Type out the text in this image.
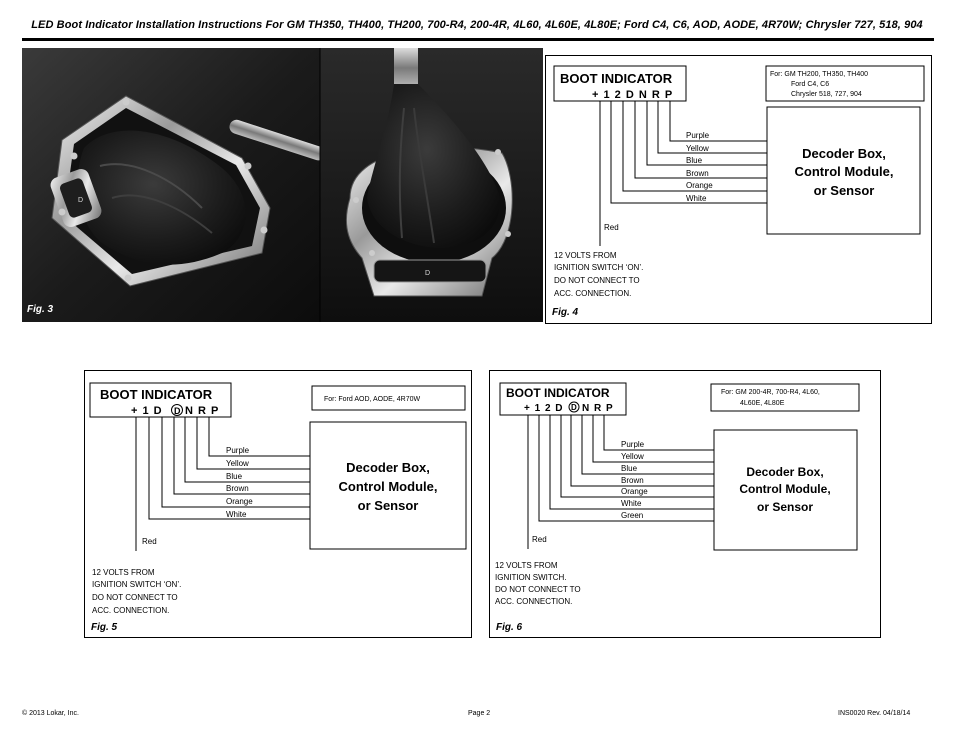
LED Boot Indicator Installation Instructions For GM TH350, TH400, TH200, 700-R4, 200-4R, 4L60, 4L60E, 4L80E; Ford C4, C6, AOD, AODE, 4R70W; Chrysler 727, 518, 904
D
D
Fig. 3
BOOT INDICATOR
+ 1 2 D N R P
For: GM TH200, TH350, TH400
Ford C4, C6
Chrysler 518, 727, 904
Decoder Box,
Control Module,
or Sensor
Purple
Yellow
Blue
Brown
Orange
White
Red
12 VOLTS FROM
IGNITION SWITCH ‘ON’.
DO NOT CONNECT TO
ACC. CONNECTION.
Fig. 4
BOOT INDICATOR
+ 1 D D N R P
For: Ford AOD, AODE, 4R70W
Decoder Box,
Control Module,
or Sensor
Purple
Yellow
Blue
Brown
Orange
White
Red
12 VOLTS FROM
IGNITION SWITCH ‘ON’.
DO NOT CONNECT TO
ACC. CONNECTION.
Fig. 5
BOOT INDICATOR
+ 1 2 D D N R P
For: GM 200-4R, 700-R4, 4L60,
4L60E, 4L80E
Decoder Box,
Control Module,
or Sensor
Purple
Yellow
Blue
Brown
Orange
White
Green
Red
12 VOLTS FROM
IGNITION SWITCH.
DO NOT CONNECT TO
ACC. CONNECTION.
Fig. 6
© 2013 Lokar, Inc.	Page 2	INS0020 Rev. 04/18/14
